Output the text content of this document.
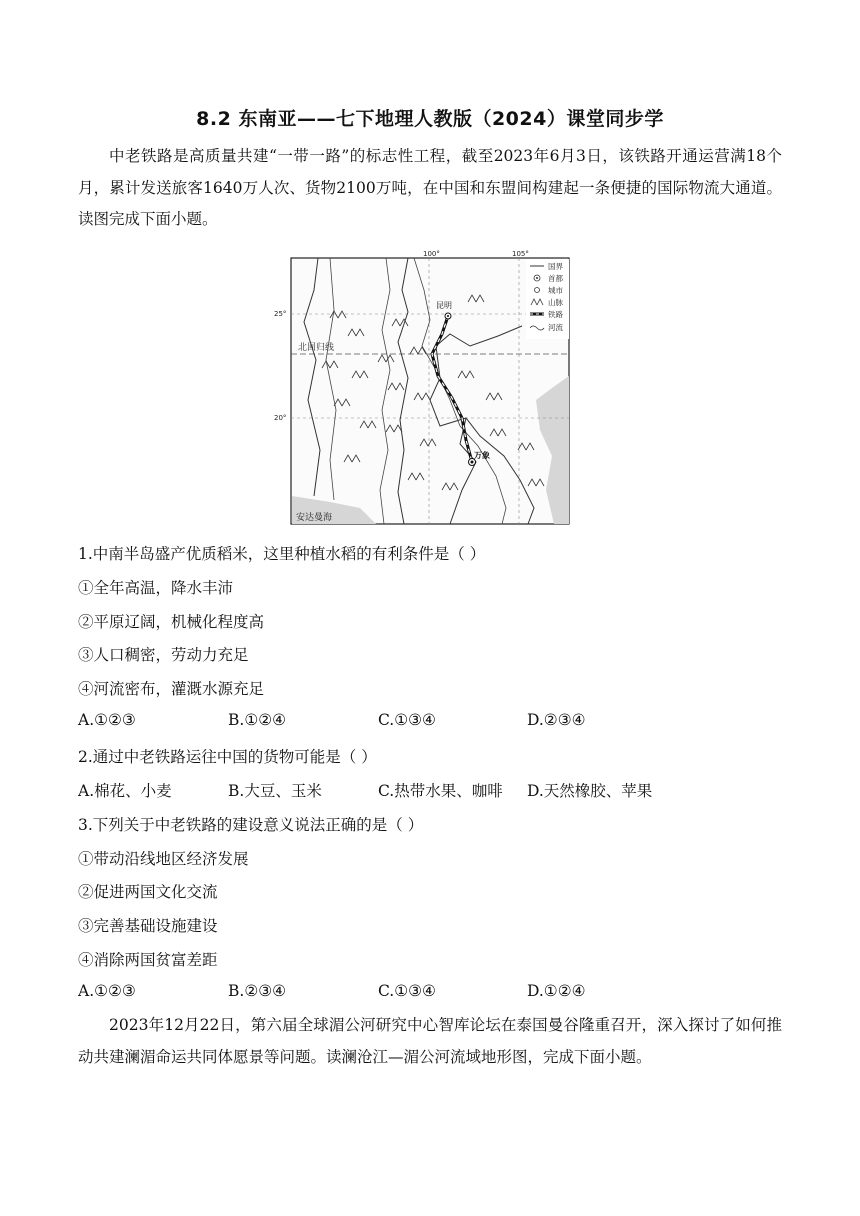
8.2 东南亚——七下地理人教版（2024）课堂同步学
中老铁路是高质量共建“一带一路”的标志性工程，截至2023年6月3日，该铁路开通运营满18个月，累计发送旅客1640万人次、货物2100万吨，在中国和东盟间构建起一条便捷的国际物流大通道。读图完成下面小题。
100°	105°
25°
20°
北回归线
昆明
万象
安达曼海
国界
首都
城市
山脉
铁路
河流
1.中南半岛盛产优质稻米，这里种植水稻的有利条件是（ ）
①全年高温，降水丰沛
②平原辽阔，机械化程度高
③人口稠密，劳动力充足
④河流密布，灌溉水源充足
A.①②③	B.①②④	C.①③④	D.②③④
2.通过中老铁路运往中国的货物可能是（ ）
A.棉花、小麦	B.大豆、玉米	C.热带水果、咖啡 D.天然橡胶、苹果
3.下列关于中老铁路的建设意义说法正确的是（ ）
①带动沿线地区经济发展
②促进两国文化交流
③完善基础设施建设
④消除两国贫富差距
A.①②③	B.②③④	C.①③④	D.①②④
2023年12月22日，第六届全球湄公河研究中心智库论坛在泰国曼谷隆重召开，深入探讨了如何推动共建澜湄命运共同体愿景等问题。读澜沧江—湄公河流域地形图，完成下面小题。
